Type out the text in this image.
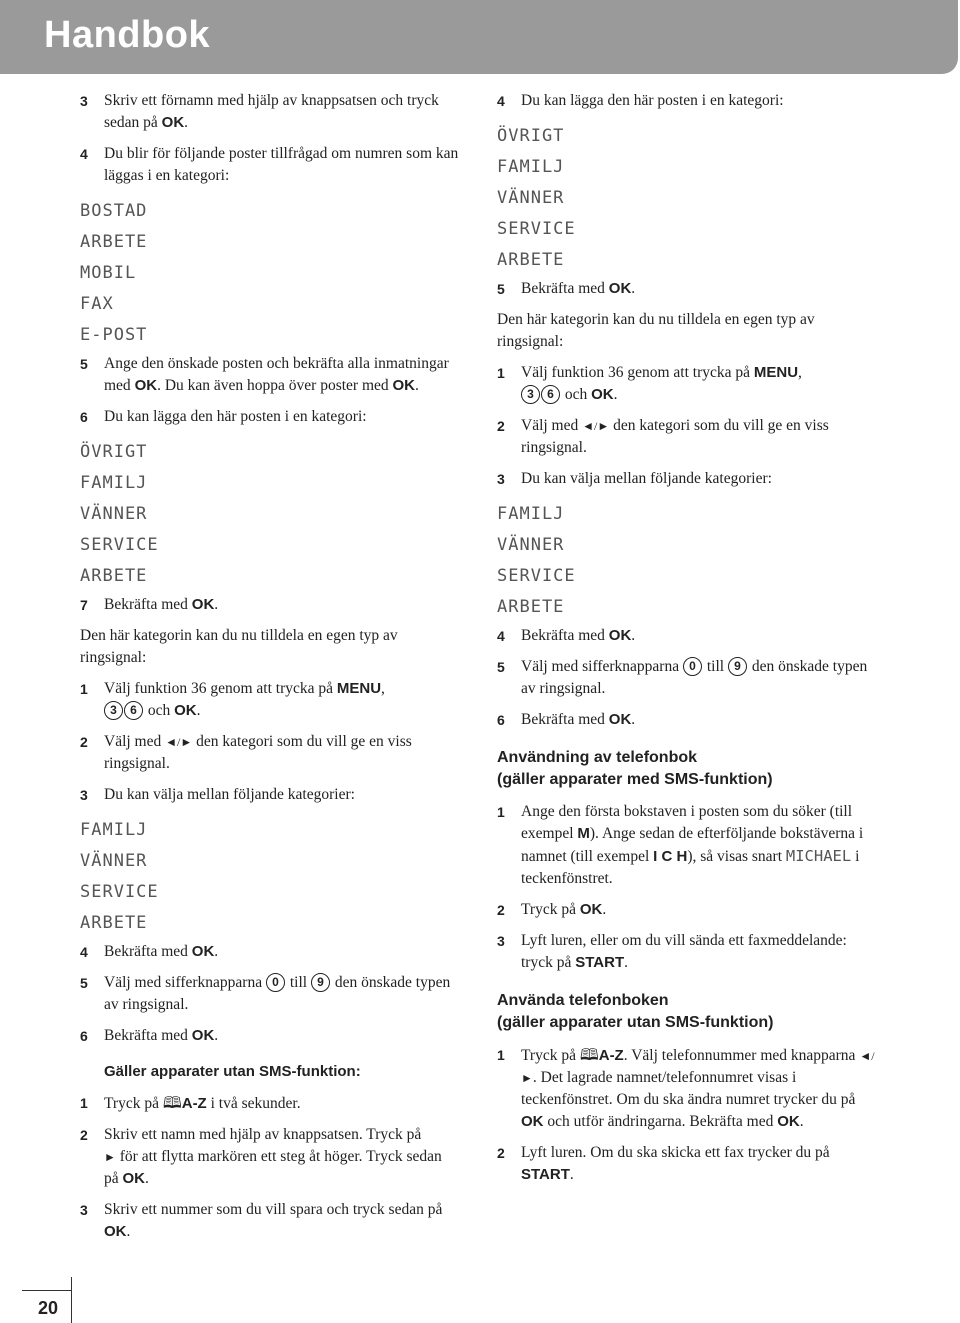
Handbok
3 Skriv ett förnamn med hjälp av knappsatsen och tryck sedan på OK.
4 Du blir för följande poster tillfrågad om numren som kan läggas i en kategori:
BOSTAD
ARBETE
MOBIL
FAX
E-POST
5 Ange den önskade posten och bekräfta alla inmatningar med OK. Du kan även hoppa över poster med OK.
6 Du kan lägga den här posten i en kategori:
ÖVRIGT
FAMILJ
VÄNNER
SERVICE
ARBETE
7 Bekräfta med OK.
Den här kategorin kan du nu tilldela en egen typ av ringsignal:
1 Välj funktion 36 genom att trycka på MENU,
3 6 och OK.
2 Välj med ◄/► den kategori som du vill ge en viss ringsignal.
3 Du kan välja mellan följande kategorier:
FAMILJ
VÄNNER
SERVICE
ARBETE
4 Bekräfta med OK.
5 Välj med sifferknapparna 0 till 9 den önskade typen av ringsignal.
6 Bekräfta med OK.
Gäller apparater utan SMS-funktion:
1 Tryck på 🕮A-Z i två sekunder.
2 Skriv ett namn med hjälp av knappsatsen. Tryck på
► för att flytta markören ett steg åt höger. Tryck sedan på OK.
3 Skriv ett nummer som du vill spara och tryck sedan på OK.
4 Du kan lägga den här posten i en kategori:
ÖVRIGT
FAMILJ
VÄNNER
SERVICE
ARBETE
5 Bekräfta med OK.
Den här kategorin kan du nu tilldela en egen typ av ringsignal:
1 Välj funktion 36 genom att trycka på MENU,
3 6 och OK.
2 Välj med ◄/► den kategori som du vill ge en viss ringsignal.
3 Du kan välja mellan följande kategorier:
FAMILJ
VÄNNER
SERVICE
ARBETE
4 Bekräfta med OK.
5 Välj med sifferknapparna 0 till 9 den önskade typen av ringsignal.
6 Bekräfta med OK.
Användning av telefonbok
(gäller apparater med SMS-funktion)
1 Ange den första bokstaven i posten som du söker (till exempel M). Ange sedan de efterföljande bokstäverna i namnet (till exempel I C H), så visas snart MICHAEL i teckenfönstret.
2 Tryck på OK.
3 Lyft luren, eller om du vill sända ett faxmeddelande: tryck på START.
Använda telefonboken
(gäller apparater utan SMS-funktion)
1 Tryck på 🕮A-Z. Välj telefonnummer med knapparna ◄/►. Det lagrade namnet/telefonnumret visas i teckenfönstret. Om du ska ändra numret trycker du på OK och utför ändringarna. Bekräfta med OK.
2 Lyft luren. Om du ska skicka ett fax trycker du på START.
20
